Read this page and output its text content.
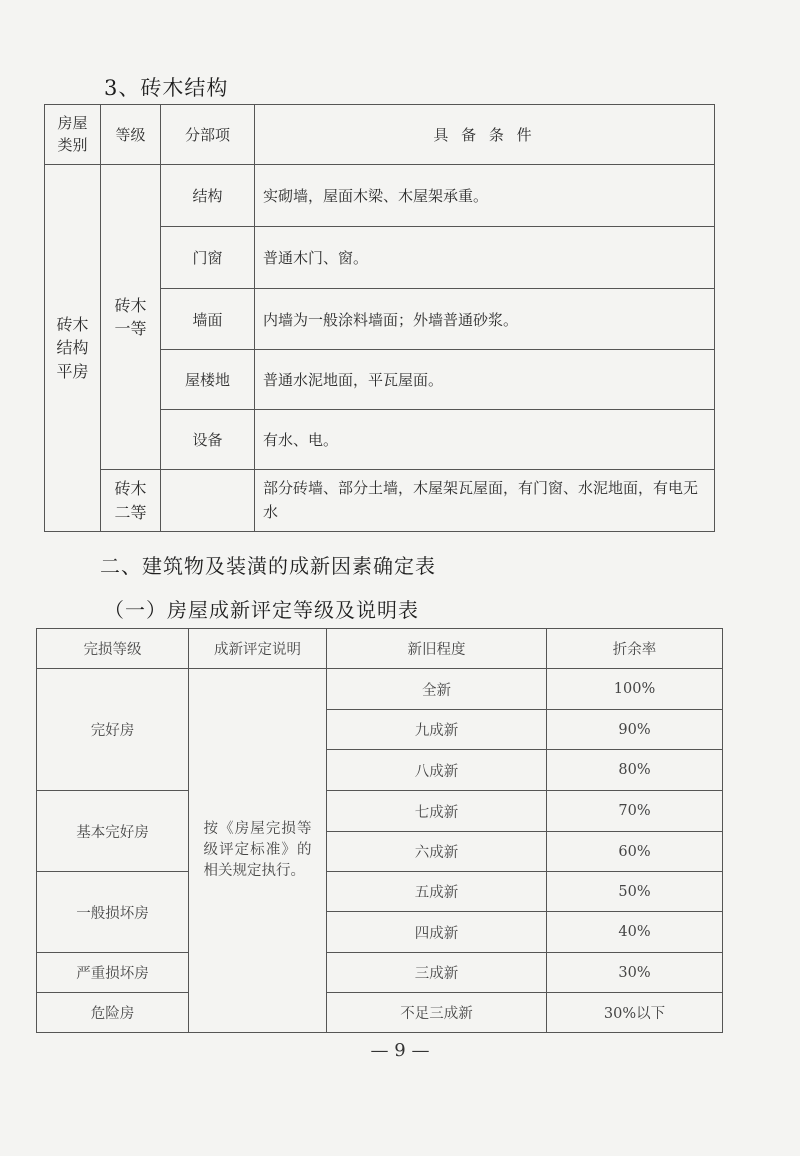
3、砖木结构
房屋类别	等级	分部项	具 备 条 件
砖木结构平房	砖木一等	结构	实砌墙，屋面木梁、木屋架承重。
		门窗	普通木门、窗。
		墙面	内墙为一般涂料墙面；外墙普通砂浆。
		屋楼地	普通水泥地面，平瓦屋面。
		设备	有水、电。
	砖木二等		部分砖墙、部分土墙，木屋架瓦屋面，有门窗、水泥地面，有电无水
二、建筑物及装潢的成新因素确定表
（一）房屋成新评定等级及说明表
完损等级	成新评定说明	新旧程度	折余率
完好房	按《房屋完损等级评定标准》的相关规定执行。	全新	100%
		九成新	90%
		八成新	80%
基本完好房		七成新	70%
		六成新	60%
一般损坏房		五成新	50%
		四成新	40%
严重损坏房		三成新	30%
危险房		不足三成新	30%以下
— 9 —
